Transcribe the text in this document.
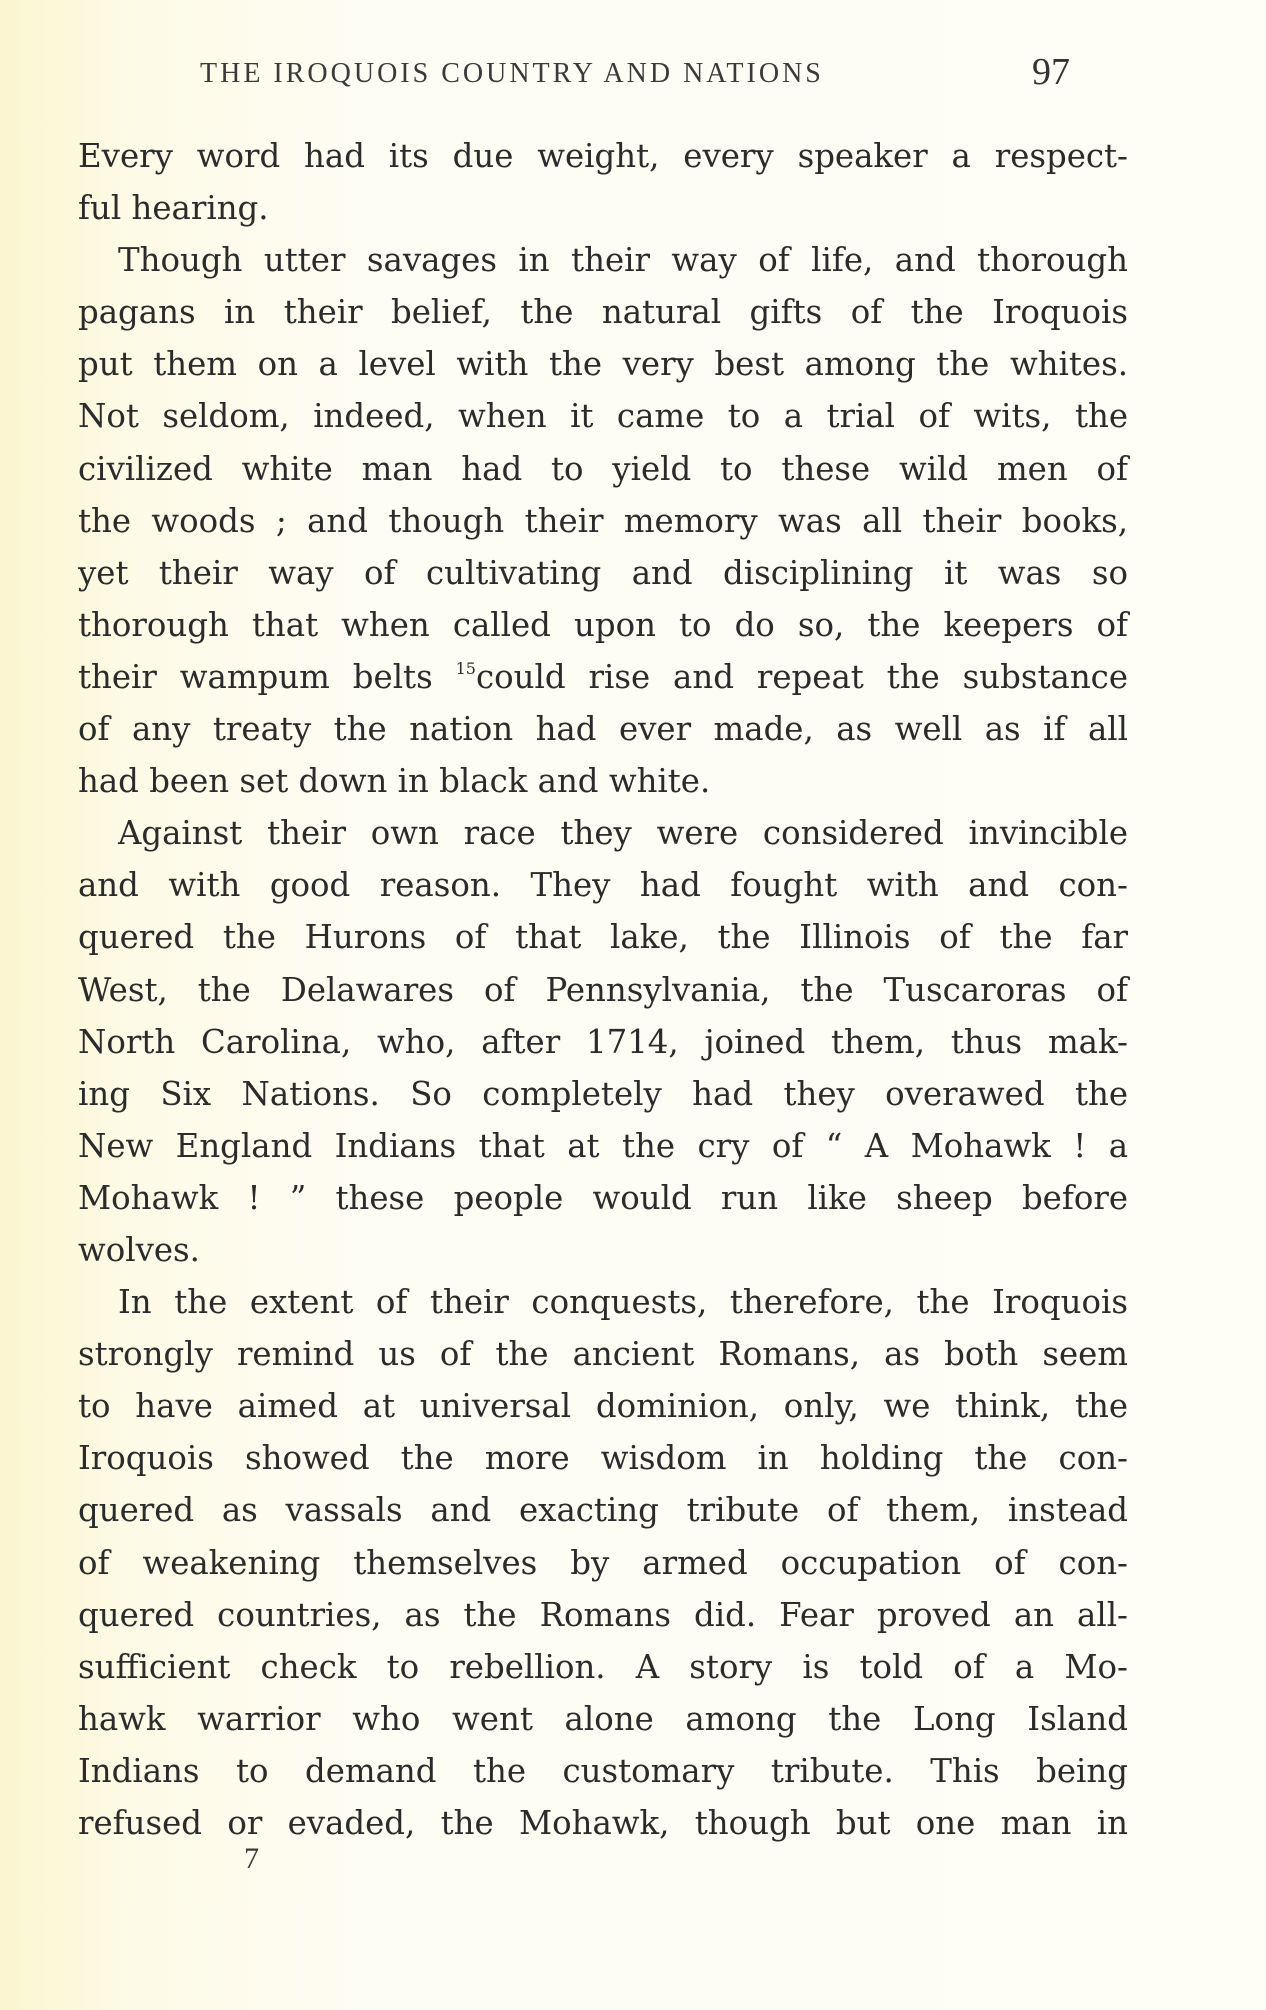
THE IROQUOIS COUNTRY AND NATIONS	97
Every word had its due weight, every speaker a respect-
ful hearing.
Though utter savages in their way of life, and thorough
pagans in their belief, the natural gifts of the Iroquois
put them on a level with the very best among the whites.
Not seldom, indeed, when it came to a trial of wits, the
civilized white man had to yield to these wild men of
the woods ; and though their memory was all their books,
yet their way of cultivating and disciplining it was so
thorough that when called upon to do so, the keepers of
their wampum belts $^{15}$could rise and repeat the substance
of any treaty the nation had ever made, as well as if all
had been set down in black and white.
Against their own race they were considered invincible
and with good reason. They had fought with and con-
quered the Hurons of that lake, the Illinois of the far
West, the Delawares of Pennsylvania, the Tuscaroras of
North Carolina, who, after 1714, joined them, thus mak-
ing Six Nations. So completely had they overawed the
New England Indians that at the cry of “ A Mohawk ! a
Mohawk ! ” these people would run like sheep before
wolves.
In the extent of their conquests, therefore, the Iroquois
strongly remind us of the ancient Romans, as both seem
to have aimed at universal dominion, only, we think, the
Iroquois showed the more wisdom in holding the con-
quered as vassals and exacting tribute of them, instead
of weakening themselves by armed occupation of con-
quered countries, as the Romans did. Fear proved an all-
sufficient check to rebellion. A story is told of a Mo-
hawk warrior who went alone among the Long Island
Indians to demand the customary tribute. This being
refused or evaded, the Mohawk, though but one man in
7
